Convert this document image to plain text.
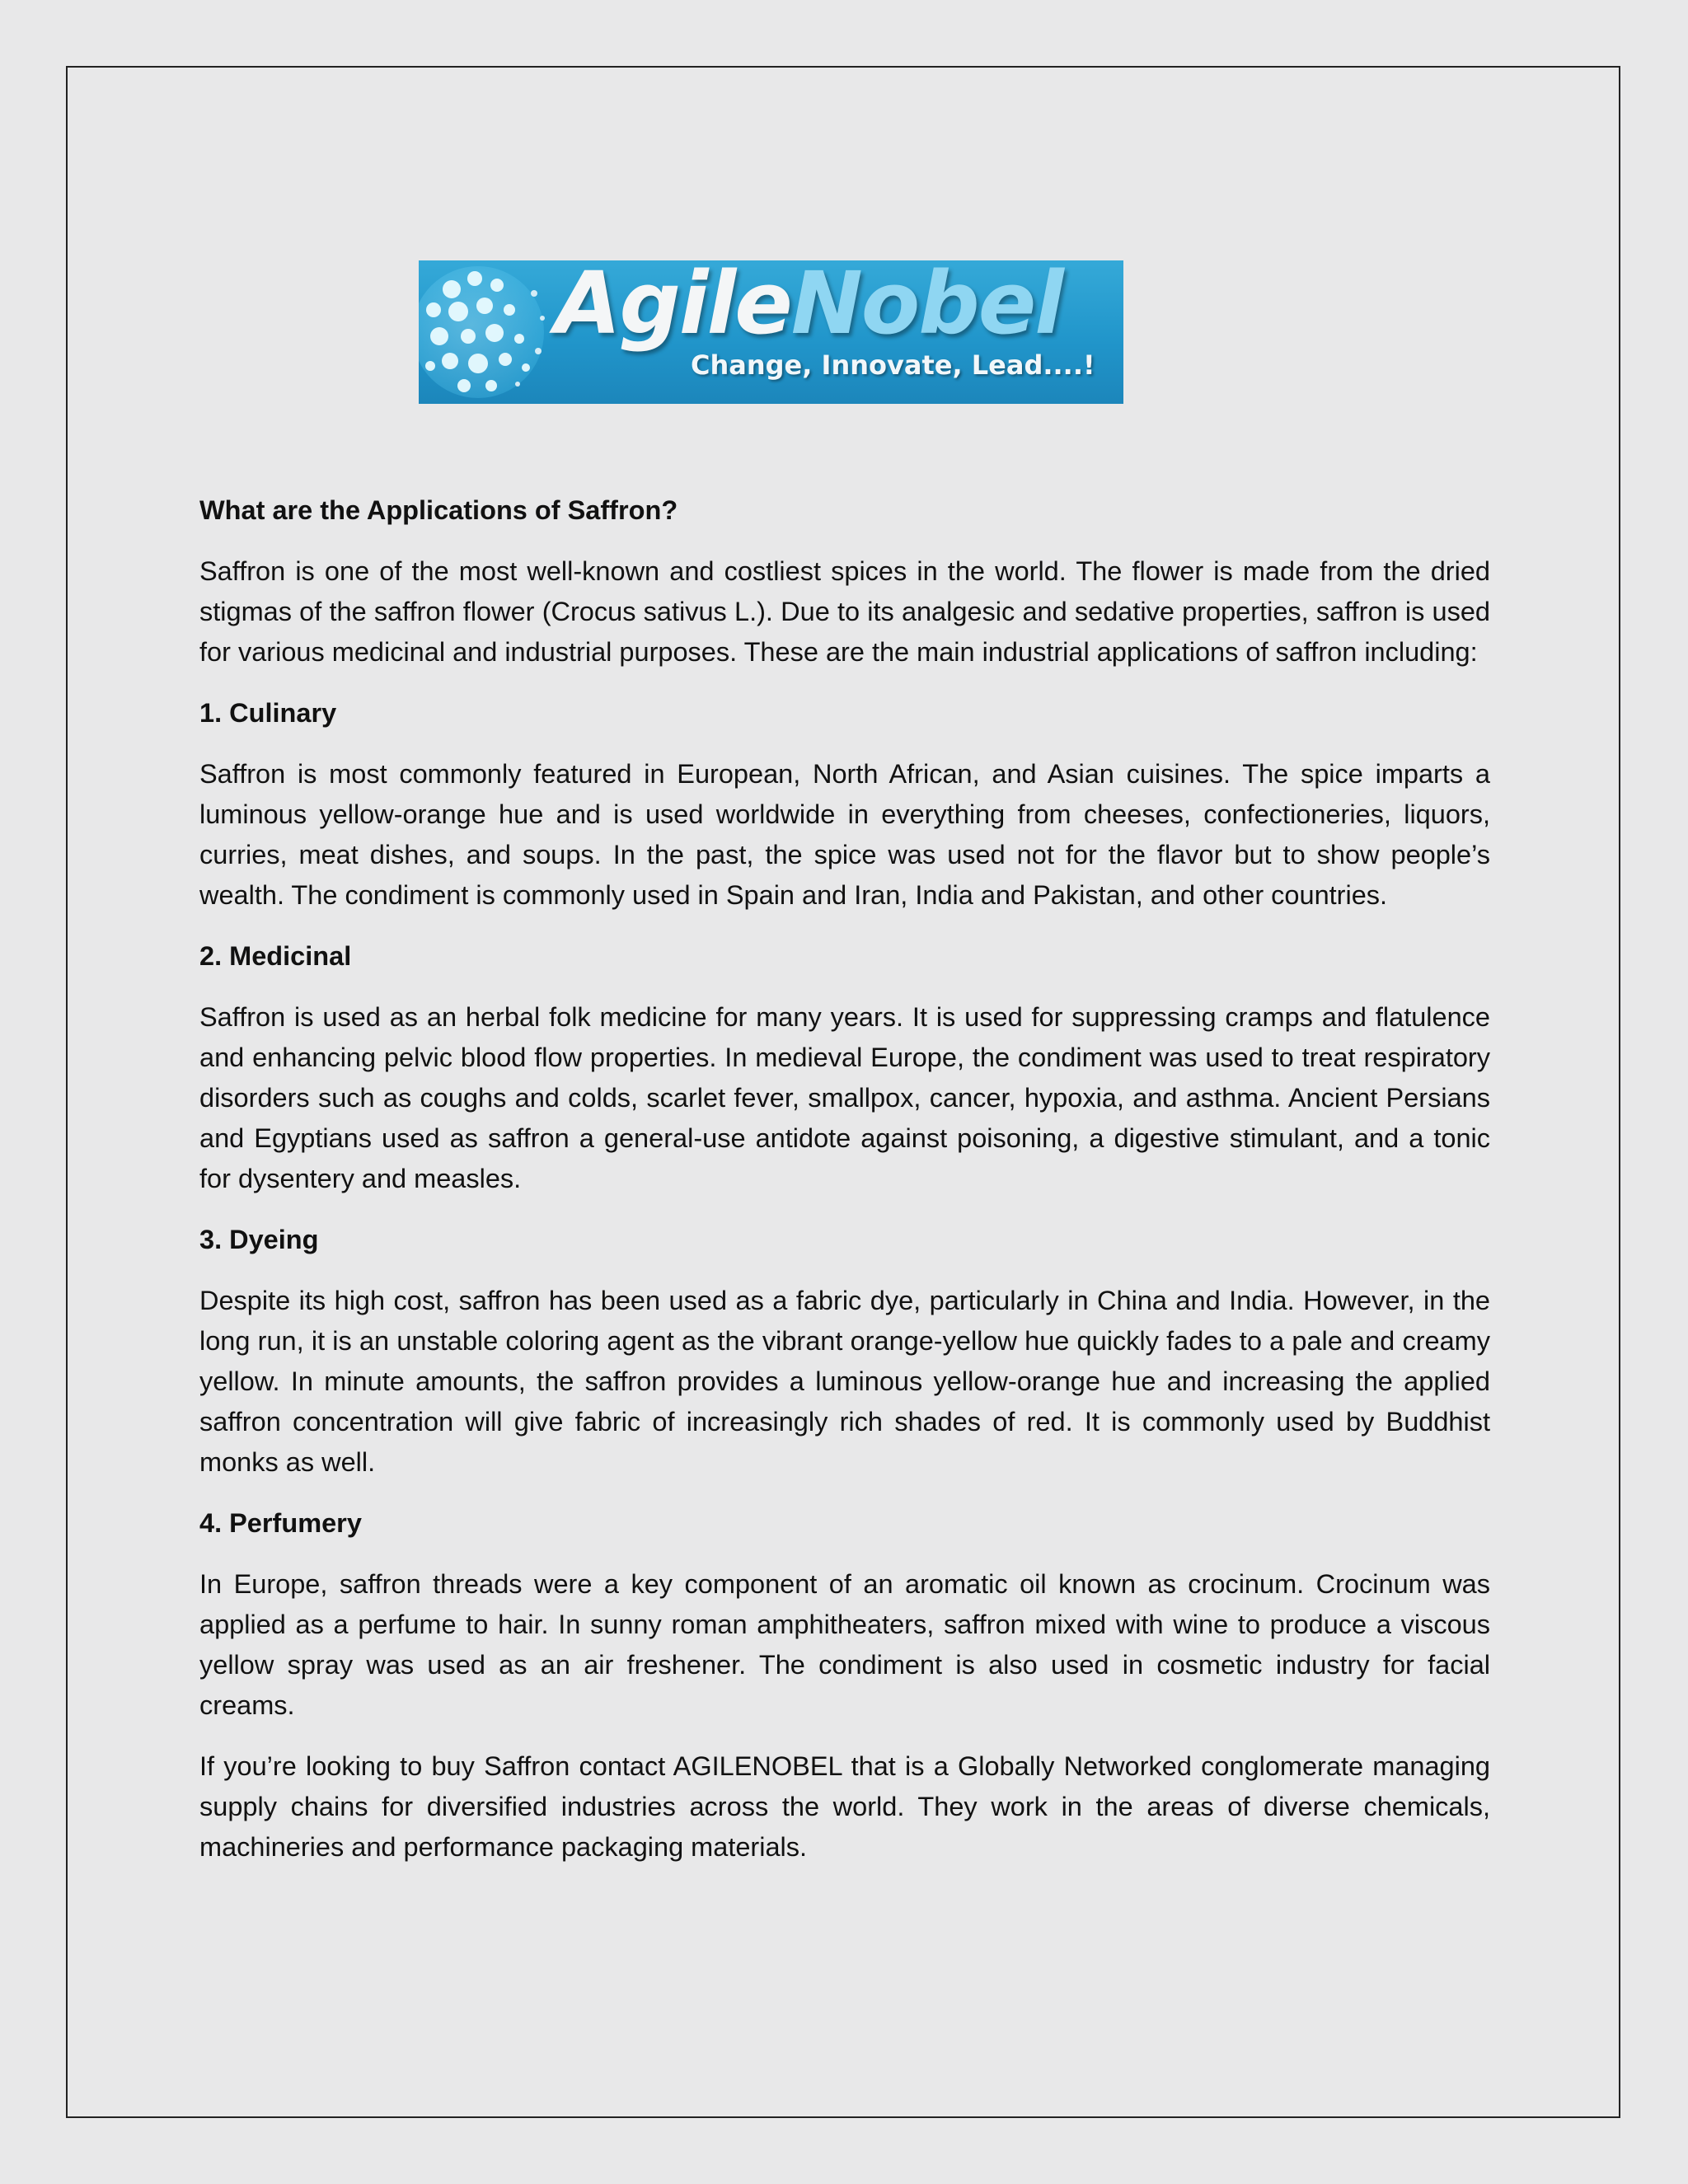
AgileNobel
Change, Innovate, Lead....!
What are the Applications of Saffron?

Saffron is one of the most well-known and costliest spices in the world. The flower is made from the dried stigmas of the saffron flower (Crocus sativus L.). Due to its analgesic and sedative properties, saffron is used for various medicinal and industrial purposes. These are the main industrial applications of saffron including:

1. Culinary

Saffron is most commonly featured in European, North African, and Asian cuisines. The spice imparts a luminous yellow-orange hue and is used worldwide in everything from cheeses, confectioneries, liquors, curries, meat dishes, and soups. In the past, the spice was used not for the flavor but to show people’s wealth. The condiment is commonly used in Spain and Iran, India and Pakistan, and other countries.

2. Medicinal

Saffron is used as an herbal folk medicine for many years. It is used for suppressing cramps and flatulence and enhancing pelvic blood flow properties. In medieval Europe, the condiment was used to treat respiratory disorders such as coughs and colds, scarlet fever, smallpox, cancer, hypoxia, and asthma. Ancient Persians and Egyptians used as saffron a general-use antidote against poisoning, a digestive stimulant, and a tonic for dysentery and measles.

3. Dyeing

Despite its high cost, saffron has been used as a fabric dye, particularly in China and India. However, in the long run, it is an unstable coloring agent as the vibrant orange-yellow hue quickly fades to a pale and creamy yellow. In minute amounts, the saffron provides a luminous yellow-orange hue and increasing the applied saffron concentration will give fabric of increasingly rich shades of red. It is commonly used by Buddhist monks as well.

4. Perfumery

In Europe, saffron threads were a key component of an aromatic oil known as crocinum. Crocinum was applied as a perfume to hair. In sunny roman amphitheaters, saffron mixed with wine to produce a viscous yellow spray was used as an air freshener. The condiment is also used in cosmetic industry for facial creams.

If you’re looking to buy Saffron contact AGILENOBEL that is a Globally Networked conglomerate managing supply chains for diversified industries across the world. They work in the areas of diverse chemicals, machineries and performance packaging materials.
